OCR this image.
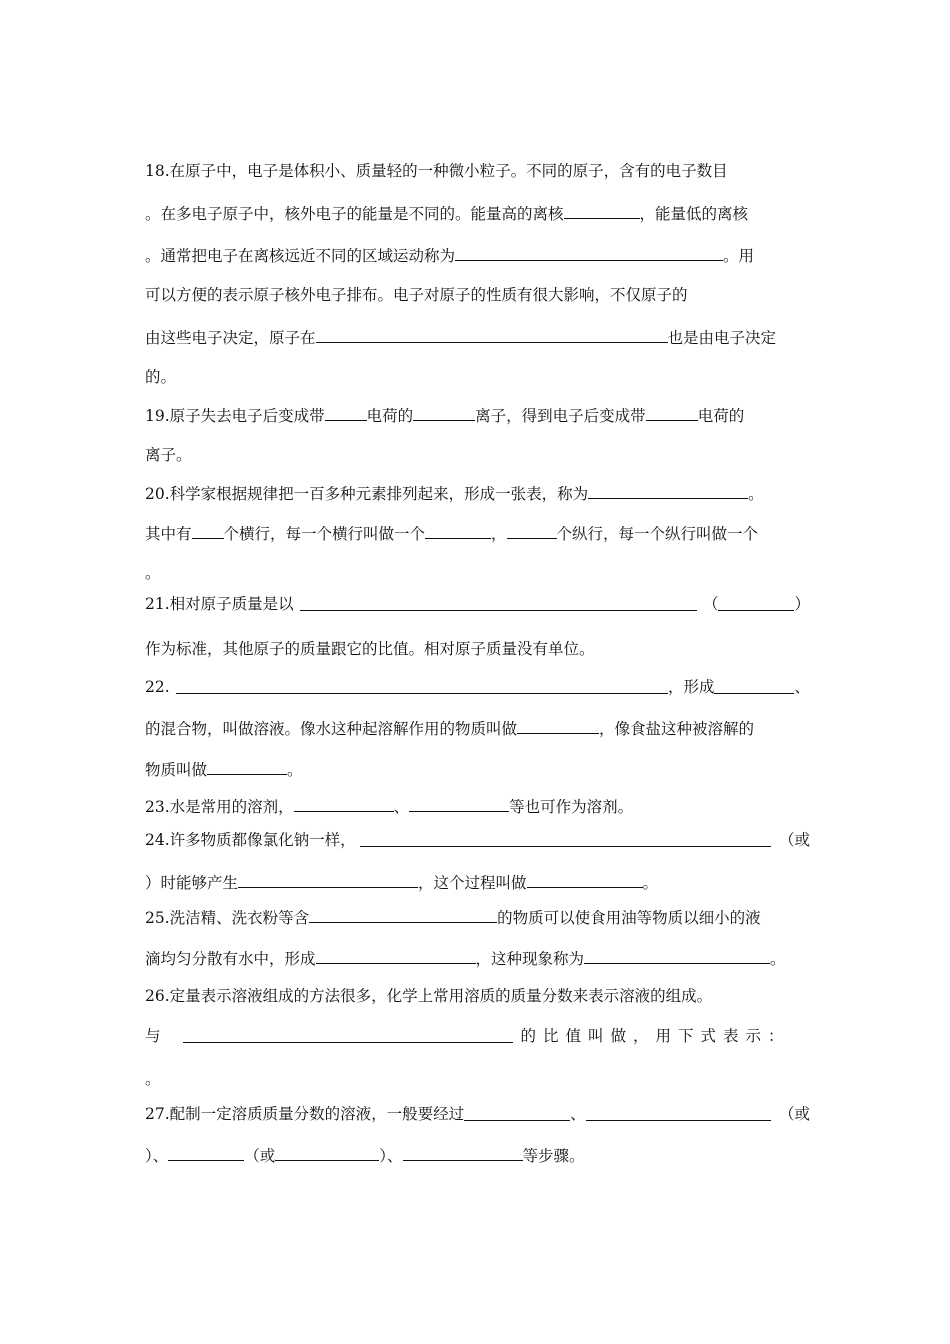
18.在原子中，电子是体积小、质量轻的一种微小粒子。不同的原子，含有的电子数目
。在多电子原子中，核外电子的能量是不同的。能量高的离核	，能量低的离核
。通常把电子在离核远近不同的区域运动称为	。用
可以方便的表示原子核外电子排布。电子对原子的性质有很大影响，不仅原子的
由这些电子决定，原子在	也是由电子决定
的。
19.原子失去电子后变成带	电荷的	离子，得到电子后变成带	电荷的
离子。
20.科学家根据规律把一百多种元素排列起来，形成一张表，称为	。
其中有 个横行，每一个横行叫做一个	，	个纵行，每一个纵行叫做一个
。
21.相对原子质量是以	（	）
作为标准，其他原子的质量跟它的比值。相对原子质量没有单位。
22.	，形成	、
的混合物，叫做溶液。像水这种起溶解作用的物质叫做	，像食盐这种被溶解的
物质叫做	。
23.水是常用的溶剂，	、	等也可作为溶剂。
24.许多物质都像氯化钠一样，	（或
）时能够产生	，这个过程叫做	。
25.洗洁精、洗衣粉等含	的物质可以使食用油等物质以细小的液
滴均匀分散有水中，形成	，这种现象称为	。
26.定量表示溶液组成的方法很多，化学上常用溶质的质量分数来表示溶液的组成。
与	的比值叫做，用下式表示：
。
27.配制一定溶质质量分数的溶液，一般要经过	、	（或
）、	（或	）、	等步骤。
